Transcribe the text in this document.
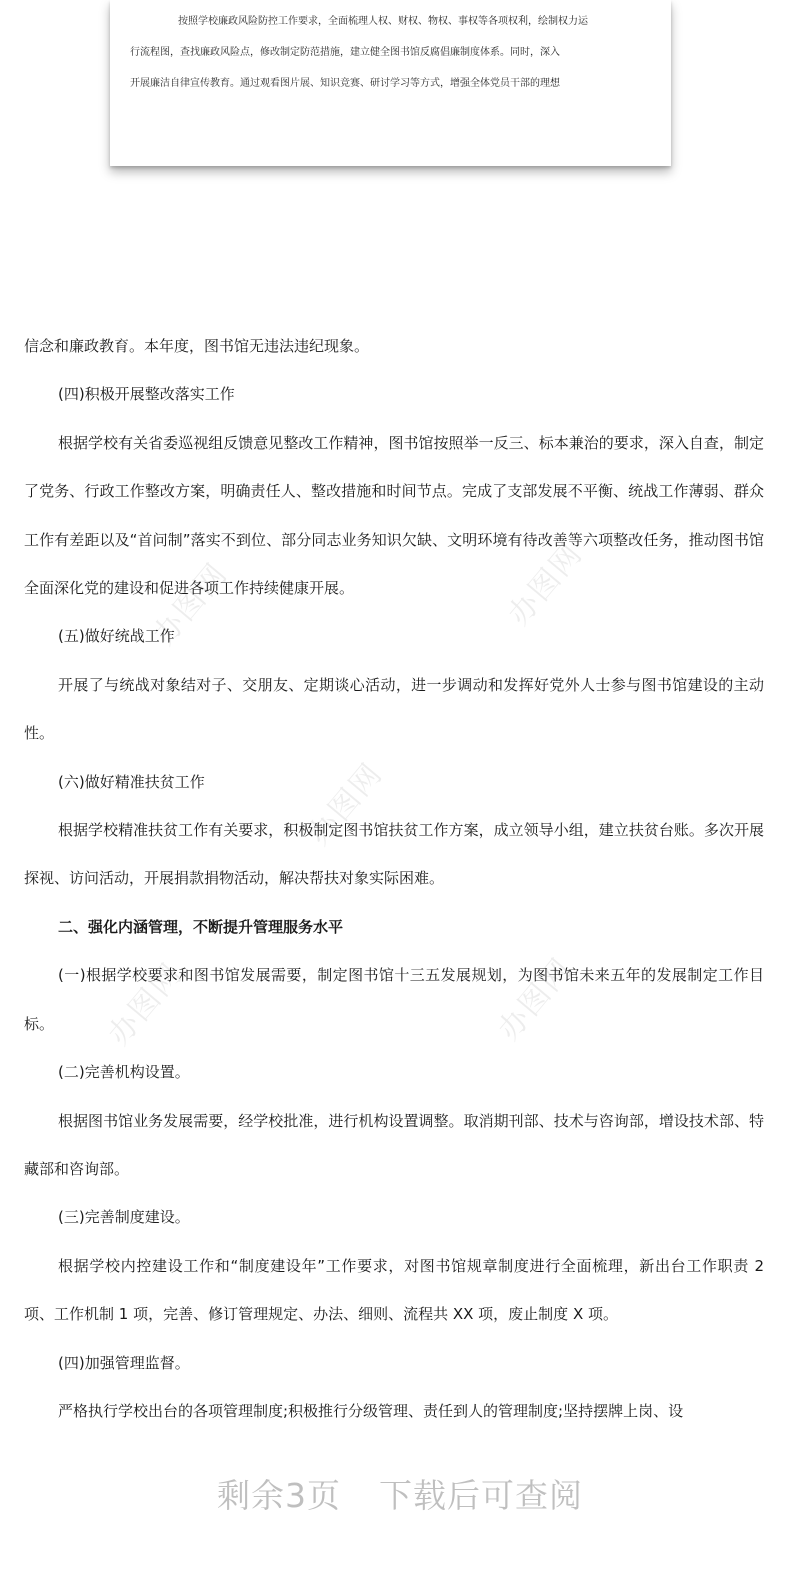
按照学校廉政风险防控工作要求，全面梳理人权、财权、物权、事权等各项权利，绘制权力运
行流程图，查找廉政风险点，修改制定防范措施，建立健全图书馆反腐倡廉制度体系。同时，深入
开展廉洁自律宣传教育。通过观看图片展、知识竞赛、研讨学习等方式，增强全体党员干部的理想
办图网	办图网
办图网
办图网	办图网

信念和廉政教育。本年度，图书馆无违法违纪现象。

(四)积极开展整改落实工作

根据学校有关省委巡视组反馈意见整改工作精神，图书馆按照举一反三、标本兼治的要求，深入自查，制定了党务、行政工作整改方案，明确责任人、整改措施和时间节点。完成了支部发展不平衡、统战工作薄弱、群众工作有差距以及“首问制”落实不到位、部分同志业务知识欠缺、文明环境有待改善等六项整改任务，推动图书馆全面深化党的建设和促进各项工作持续健康开展。

(五)做好统战工作

开展了与统战对象结对子、交朋友、定期谈心活动，进一步调动和发挥好党外人士参与图书馆建设的主动性。

(六)做好精准扶贫工作

根据学校精准扶贫工作有关要求，积极制定图书馆扶贫工作方案，成立领导小组，建立扶贫台账。多次开展探视、访问活动，开展捐款捐物活动，解决帮扶对象实际困难。

二、强化内涵管理，不断提升管理服务水平

(一)根据学校要求和图书馆发展需要，制定图书馆十三五发展规划，为图书馆未来五年的发展制定工作目标。

(二)完善机构设置。

根据图书馆业务发展需要，经学校批准，进行机构设置调整。取消期刊部、技术与咨询部，增设技术部、特藏部和咨询部。

(三)完善制度建设。

根据学校内控建设工作和“制度建设年”工作要求，对图书馆规章制度进行全面梳理，新出台工作职责 2 项、工作机制 1 项，完善、修订管理规定、办法、细则、流程共 XX 项，废止制度 X 项。

(四)加强管理监督。

严格执行学校出台的各项管理制度;积极推行分级管理、责任到人的管理制度;坚持摆牌上岗、设

剩余3页 下载后可查阅
